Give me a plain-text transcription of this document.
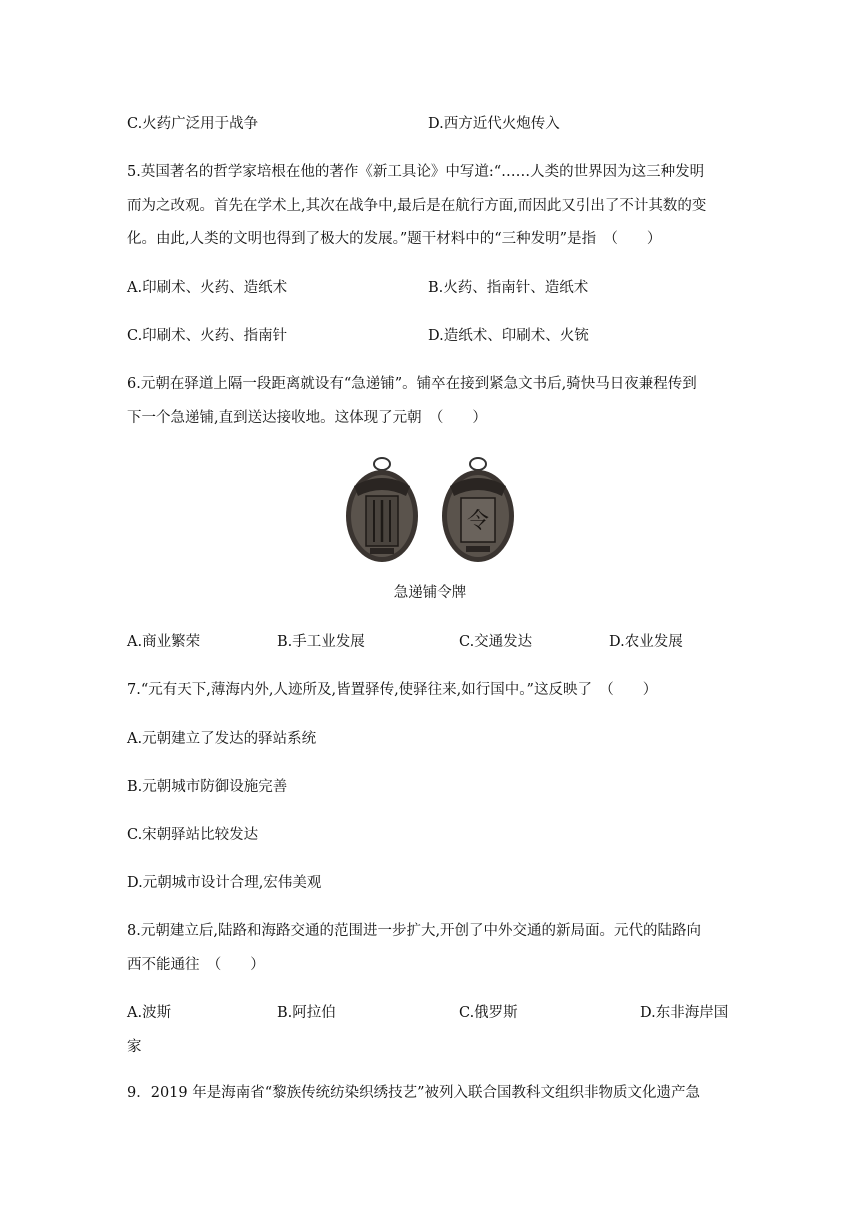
C.火药广泛用于战争	D.西方近代火炮传入
5.英国著名的哲学家培根在他的著作《新工具论》中写道:“……人类的世界因为这三种发明
而为之改观。首先在学术上,其次在战争中,最后是在航行方面,而因此又引出了不计其数的变
化。由此,人类的文明也得到了极大的发展。”题干材料中的“三种发明”是指　（　　）
A.印刷术、火药、造纸术	B.火药、指南针、造纸术
C.印刷术、火药、指南针	D.造纸术、印刷术、火铳
6.元朝在驿道上隔一段距离就设有“急递铺”。铺卒在接到紧急文书后,骑快马日夜兼程传到
下一个急递铺,直到送达接收地。这体现了元朝　（　　）
令
急递铺令牌
A.商业繁荣	B.手工业发展	C.交通发达	D.农业发展
7.“元有天下,薄海内外,人迹所及,皆置驿传,使驿往来,如行国中。”这反映了　（　　）
A.元朝建立了发达的驿站系统
B.元朝城市防御设施完善
C.宋朝驿站比较发达
D.元朝城市设计合理,宏伟美观
8.元朝建立后,陆路和海路交通的范围进一步扩大,开创了中外交通的新局面。元代的陆路向
西不能通往　（　　）
A.波斯	B.阿拉伯	C.俄罗斯	D.东非海岸国
家
9．2019 年是海南省“黎族传统纺染织绣技艺”被列入联合国教科文组织非物质文化遗产急
